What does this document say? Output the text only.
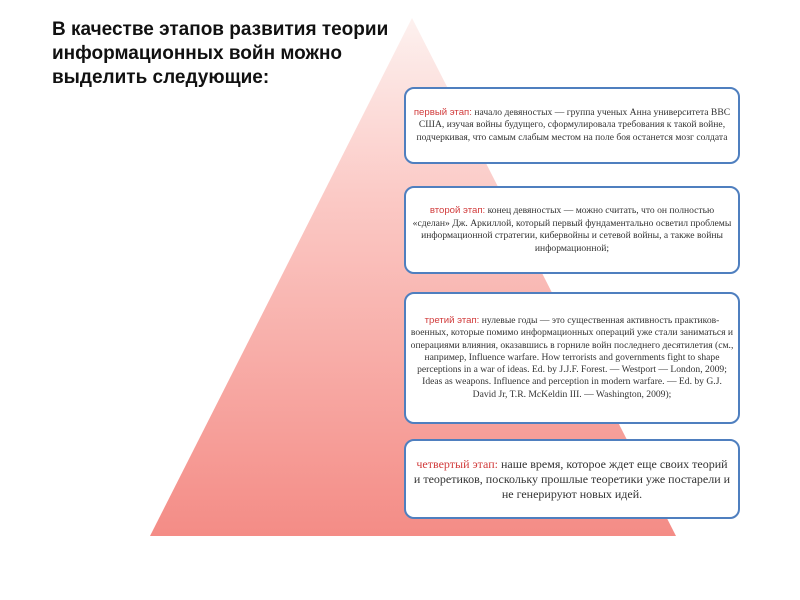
В качестве этапов развития теории информационных войн можно выделить следующие:
первый этап: начало девяностых — группа ученых Анна университета ВВС США, изучая войны будущего, сформулировала требования к такой войне, подчеркивая, что самым слабым местом на поле боя останется мозг солдата
второй этап: конец девяностых — можно считать, что он полностью «сделан» Дж. Аркиллой, который первый фундаментально осветил проблемы информационной стратегии, кибервойны и сетевой войны, а также войны информационной;
третий этап: нулевые годы — это существенная активность практиков-военных, которые помимо информационных операций уже стали заниматься и операциями влияния, оказавшись в горниле войн последнего десятилетия (см., например, Influence warfare. How terrorists and governments fight to shape perceptions in a war of ideas. Ed. by J.J.F. Forest. — Westport — London, 2009; Ideas as weapons. Influence and perception in modern warfare. — Ed. by G.J. David Jr, T.R. McKeldin III. — Washington, 2009);
четвертый этап: наше время, которое ждет еще своих теорий и теоретиков, поскольку прошлые теоретики уже постарели и не генерируют новых идей.
